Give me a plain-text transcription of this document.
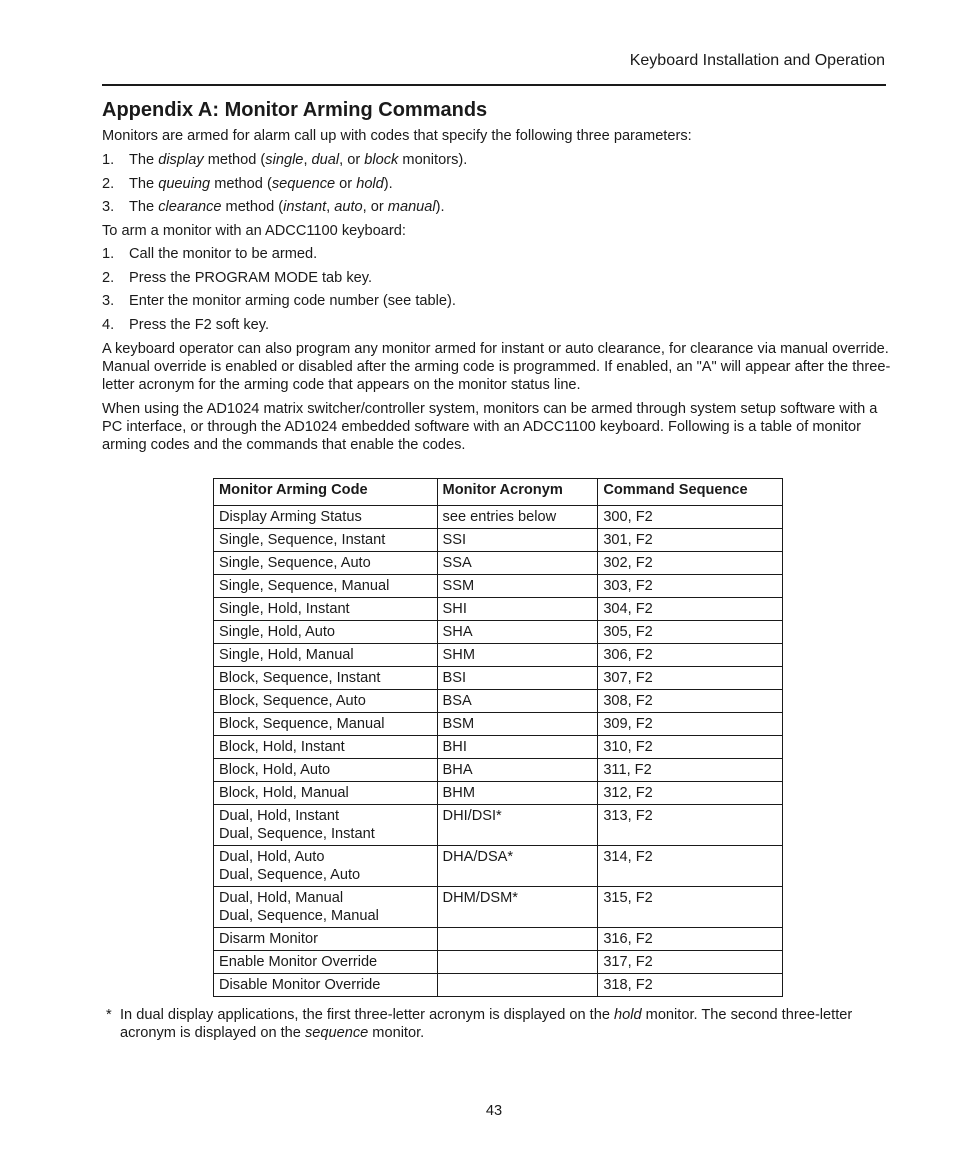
Keyboard Installation and Operation
Appendix A: Monitor Arming Commands
Monitors are armed for alarm call up with codes that specify the following three parameters:
1.	The display method (single, dual, or block monitors).
2.	The queuing method (sequence or hold).
3.	The clearance method (instant, auto, or manual).
To arm a monitor with an ADCC1100 keyboard:
1.	Call the monitor to be armed.
2.	Press the PROGRAM MODE tab key.
3.	Enter the monitor arming code number (see table).
4.	Press the F2 soft key.

A keyboard operator can also program any monitor armed for instant or auto clearance, for clearance via manual override. Manual override is enabled or disabled after the arming code is programmed. If enabled, an "A" will appear after the three-letter acronym for the arming code that appears on the monitor status line.

When using the AD1024 matrix switcher/controller system, monitors can be armed through system setup software with a PC interface, or through the AD1024 embedded software with an ADCC1100 keyboard. Following is a table of monitor arming codes and the commands that enable the codes.

Monitor Arming Code	Monitor Acronym	Command Sequence
Display Arming Status	see entries below	300, F2
Single, Sequence, Instant	SSI	301, F2
Single, Sequence, Auto	SSA	302, F2
Single, Sequence, Manual	SSM	303, F2
Single, Hold, Instant	SHI	304, F2
Single, Hold, Auto	SHA	305, F2
Single, Hold, Manual	SHM	306, F2
Block, Sequence, Instant	BSI	307, F2
Block, Sequence, Auto	BSA	308, F2
Block, Sequence, Manual	BSM	309, F2
Block, Hold, Instant	BHI	310, F2
Block, Hold, Auto	BHA	311, F2
Block, Hold, Manual	BHM	312, F2
Dual, Hold, Instant
Dual, Sequence, Instant	DHI/DSI*	313, F2
Dual, Hold, Auto
Dual, Sequence, Auto	DHA/DSA*	314, F2
Dual, Hold, Manual
Dual, Sequence, Manual	DHM/DSM*	315, F2
Disarm Monitor		316, F2
Enable Monitor Override		317, F2
Disable Monitor Override		318, F2
* In dual display applications, the first three-letter acronym is displayed on the hold monitor. The second three-letter acronym is displayed on the sequence monitor.
43
